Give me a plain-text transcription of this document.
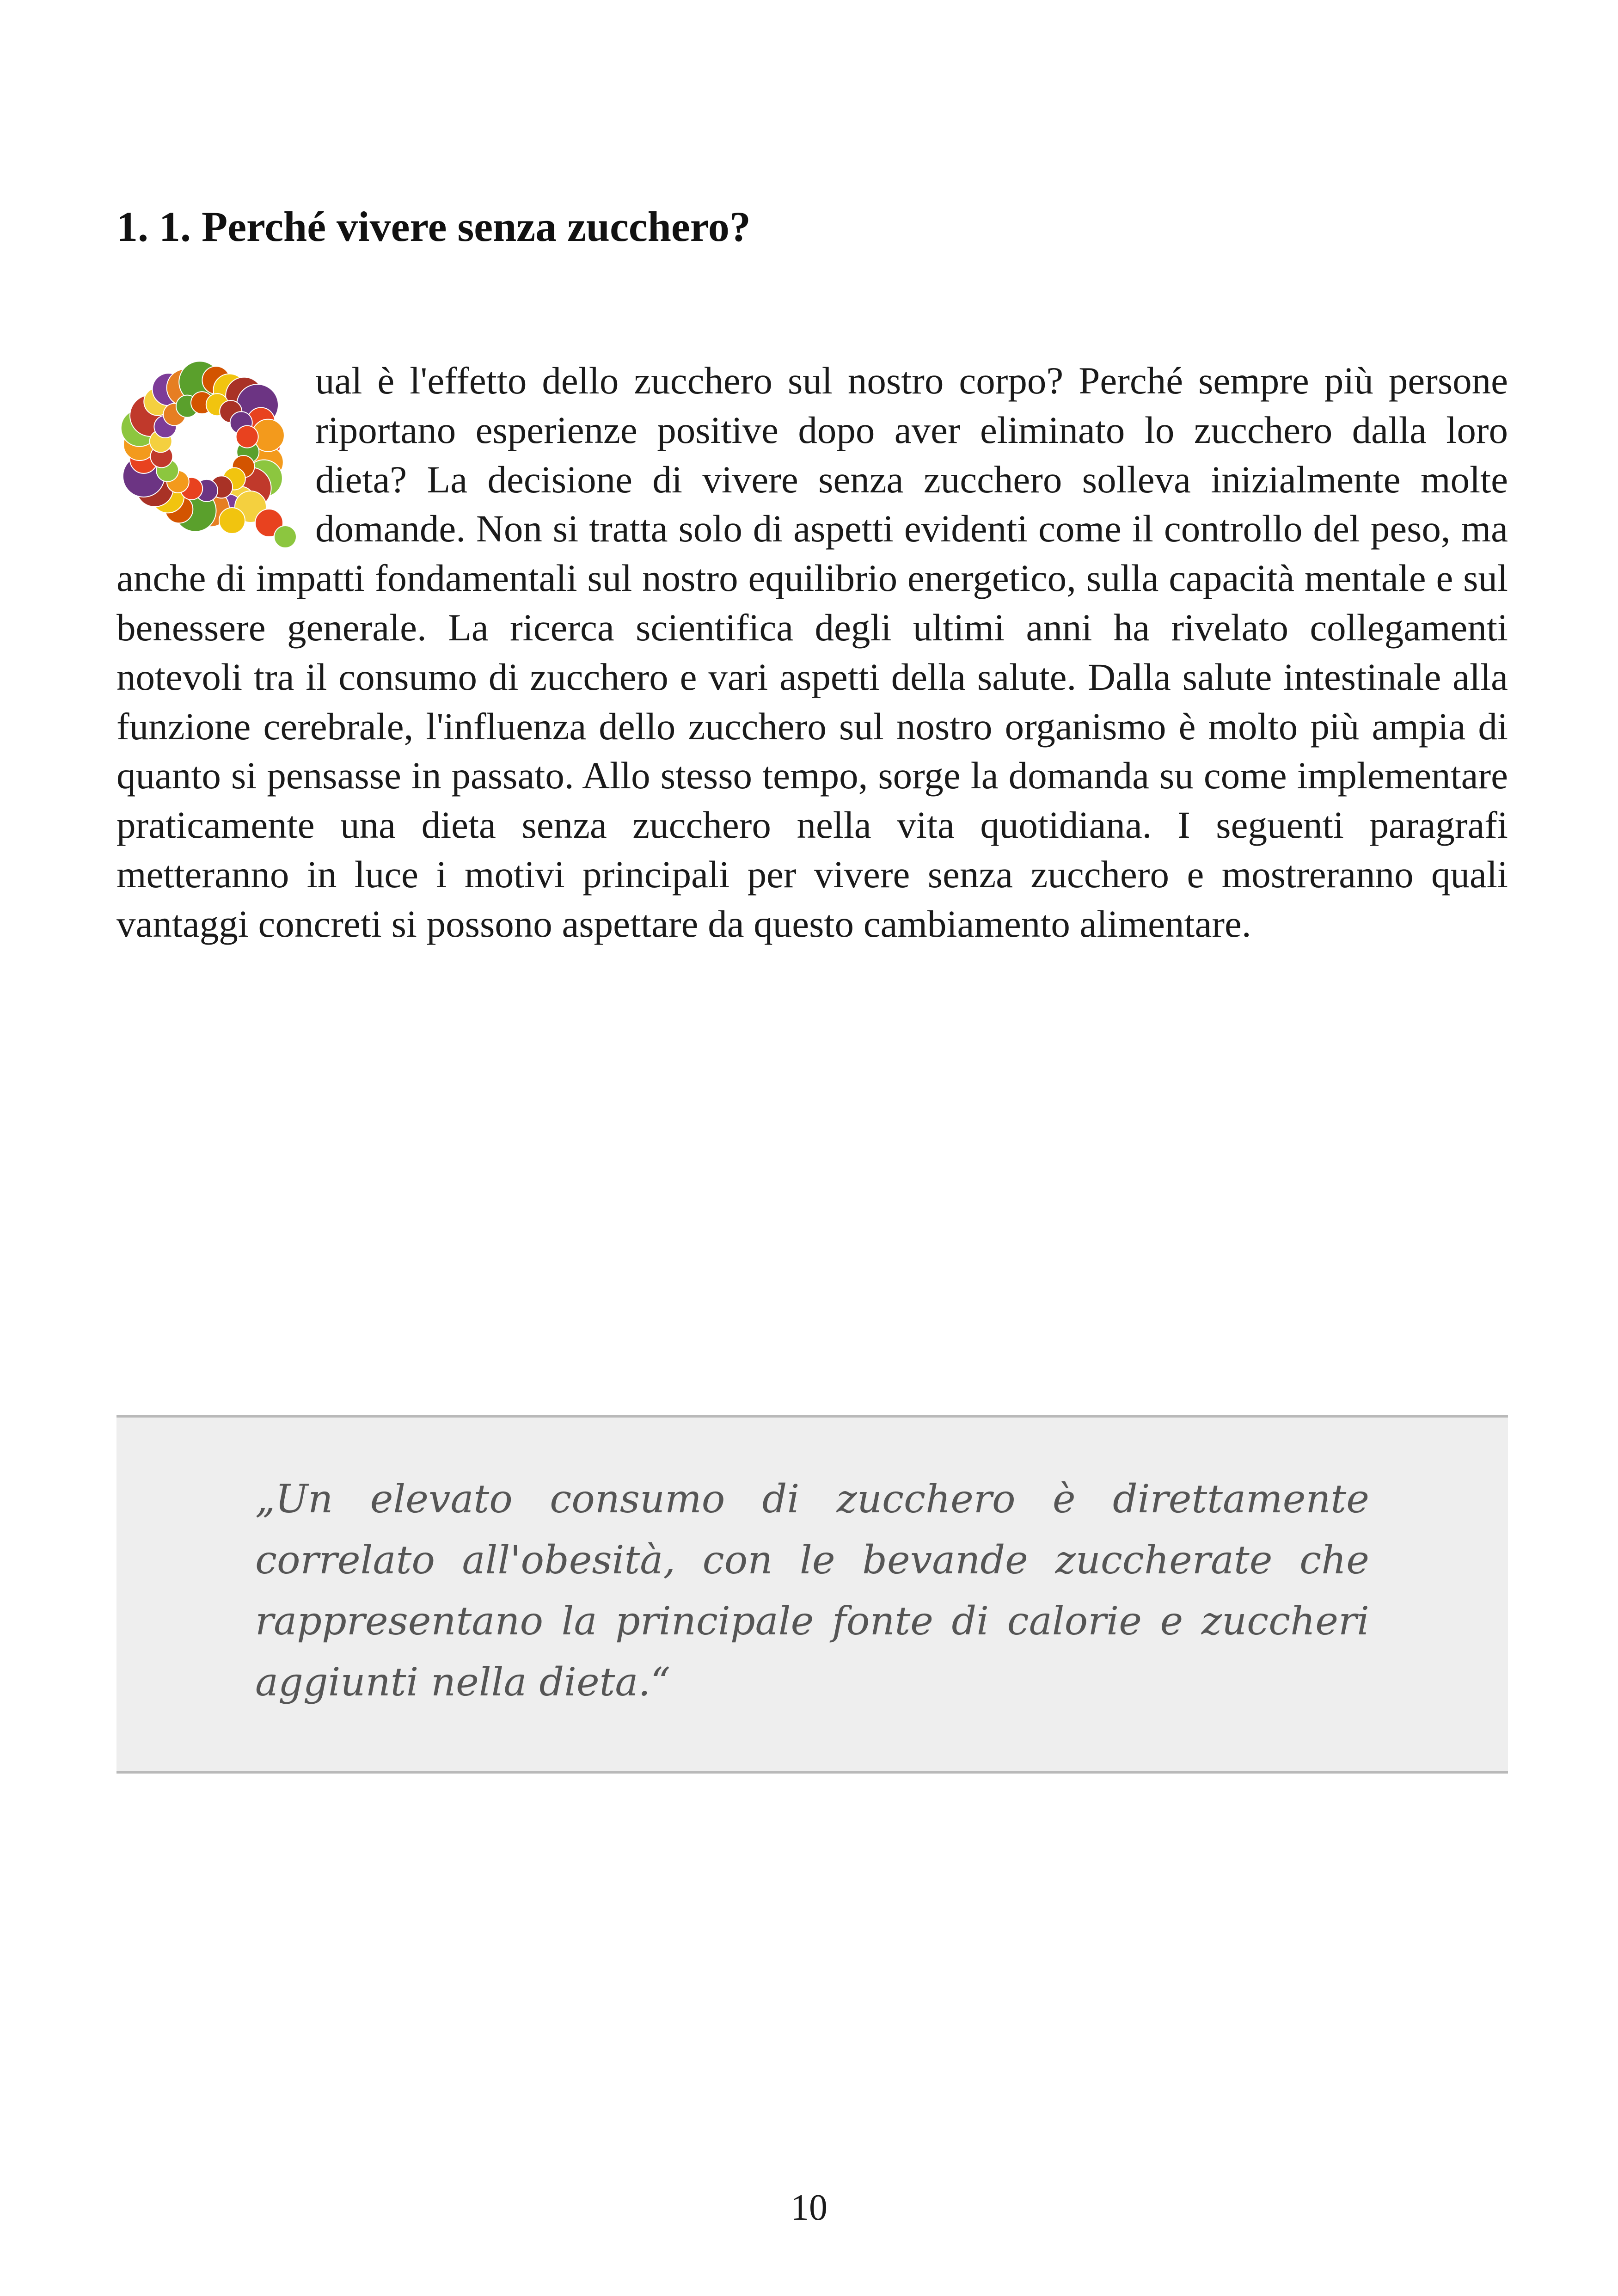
1. 1. Perché vivere senza zucchero?

ual è l'effetto dello zucchero sul nostro corpo? Perché sempre più persone riportano esperienze positive dopo aver eliminato lo zucchero dalla loro dieta? La decisione di vivere senza zucchero solleva inizialmente molte domande. Non si tratta solo di aspetti evidenti come il controllo del peso, ma anche di impatti fondamentali sul nostro equilibrio energetico, sulla capacità mentale e sul benessere generale. La ricerca scientifica degli ultimi anni ha rivelato collegamenti notevoli tra il consumo di zucchero e vari aspetti della salute. Dalla salute intestinale alla funzione cerebrale, l'influenza dello zucchero sul nostro organismo è molto più ampia di quanto si pensasse in passato. Allo stesso tempo, sorge la domanda su come implementare praticamente una dieta senza zucchero nella vita quotidiana. I seguenti paragrafi metteranno in luce i motivi principali per vivere senza zucchero e mostreranno quali vantaggi concreti si possono aspettare da questo cambiamento alimentare.

„Un elevato consumo di zucchero è direttamente correlato all'obesità, con le bevande zuccherate che rappresentano la principale fonte di calorie e zuccheri aggiunti nella dieta.“

10
